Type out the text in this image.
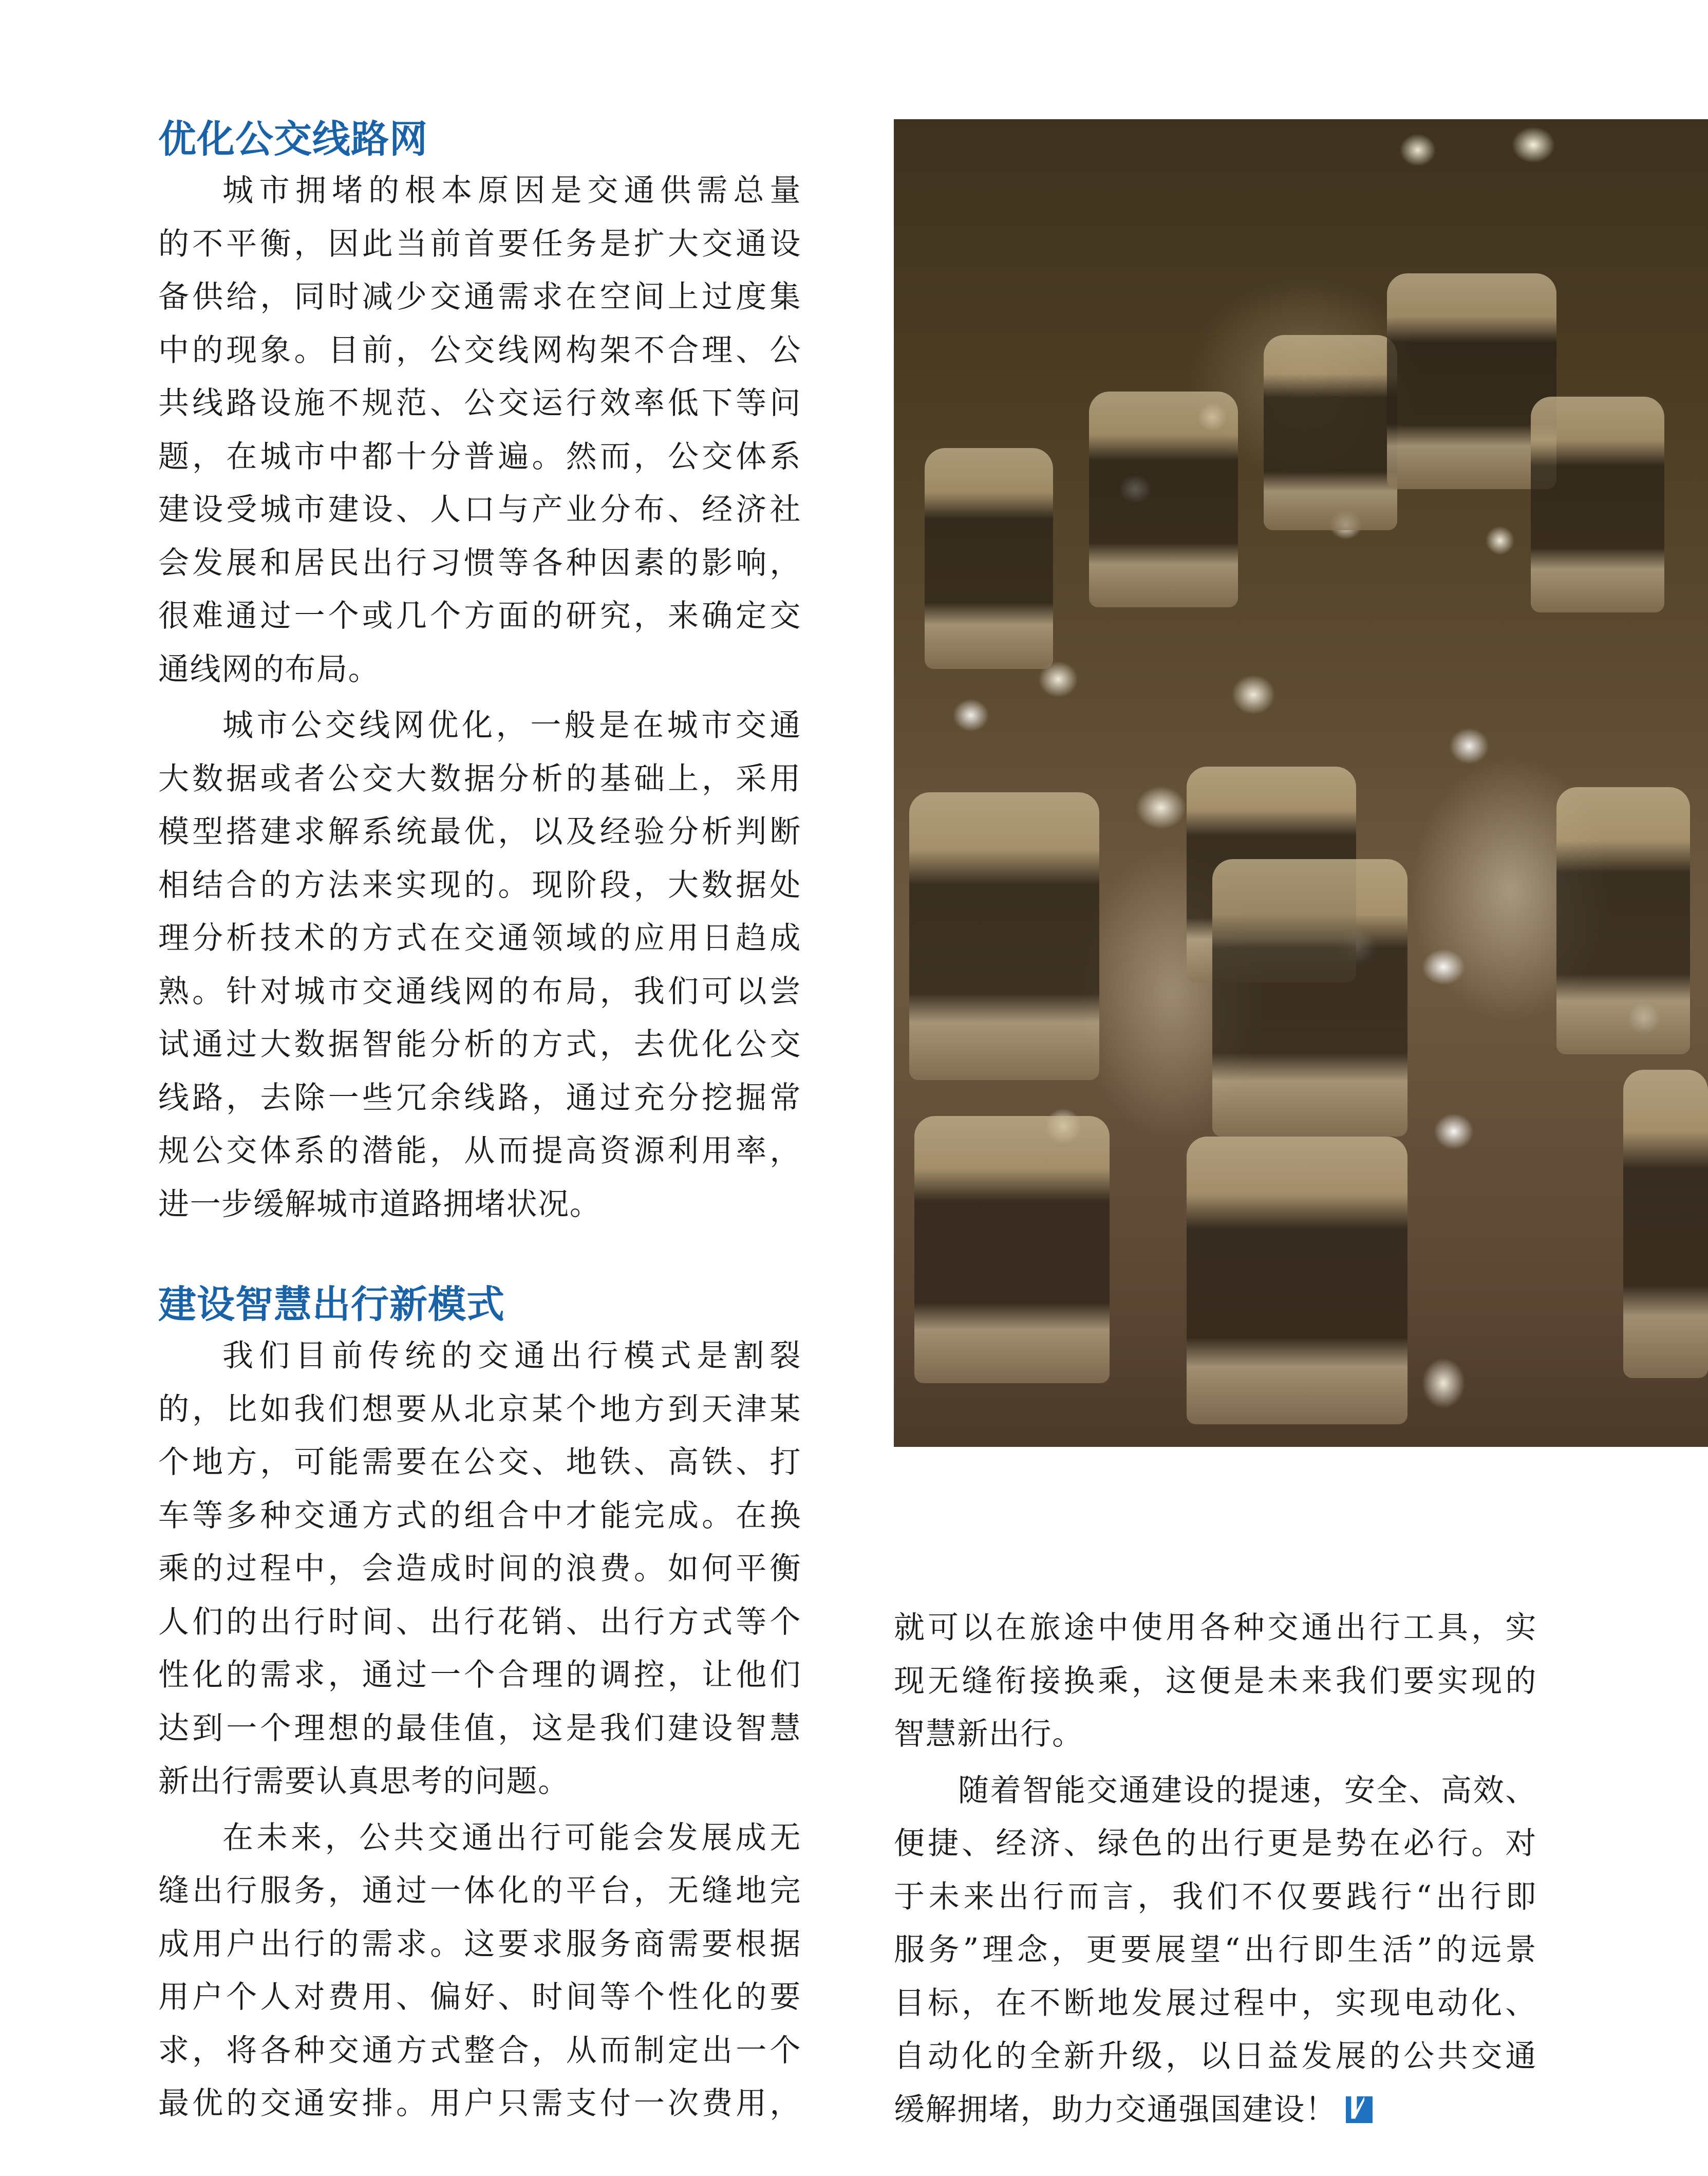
优化公交线路网

城市拥堵的根本原因是交通供需总量
的不平衡，因此当前首要任务是扩大交通设
备供给，同时减少交通需求在空间上过度集
中的现象。目前，公交线网构架不合理、公
共线路设施不规范、公交运行效率低下等问
题，在城市中都十分普遍。然而，公交体系
建设受城市建设、人口与产业分布、经济社
会发展和居民出行习惯等各种因素的影响，
很难通过一个或几个方面的研究，来确定交
通线网的布局。

城市公交线网优化，一般是在城市交通
大数据或者公交大数据分析的基础上，采用
模型搭建求解系统最优，以及经验分析判断
相结合的方法来实现的。现阶段，大数据处
理分析技术的方式在交通领域的应用日趋成
熟。针对城市交通线网的布局，我们可以尝
试通过大数据智能分析的方式，去优化公交
线路，去除一些冗余线路，通过充分挖掘常
规公交体系的潜能，从而提高资源利用率，
进一步缓解城市道路拥堵状况。

建设智慧出行新模式

我们目前传统的交通出行模式是割裂
的，比如我们想要从北京某个地方到天津某
个地方，可能需要在公交、地铁、高铁、打
车等多种交通方式的组合中才能完成。在换
乘的过程中，会造成时间的浪费。如何平衡
人们的出行时间、出行花销、出行方式等个
性化的需求，通过一个合理的调控，让他们
达到一个理想的最佳值，这是我们建设智慧
新出行需要认真思考的问题。

在未来，公共交通出行可能会发展成无
缝出行服务，通过一体化的平台，无缝地完
成用户出行的需求。这要求服务商需要根据
用户个人对费用、偏好、时间等个性化的要
求，将各种交通方式整合，从而制定出一个
最优的交通安排。用户只需支付一次费用，

就可以在旅途中使用各种交通出行工具，实
现无缝衔接换乘，这便是未来我们要实现的
智慧新出行。

随着智能交通建设的提速，安全、高效、
便捷、经济、绿色的出行更是势在必行。对
于未来出行而言，我们不仅要践行“出行即
服务”理念，更要展望“出行即生活”的远景
目标，在不断地发展过程中，实现电动化、
自动化的全新升级，以日益发展的公共交通
缓解拥堵，助力交通强国建设！
